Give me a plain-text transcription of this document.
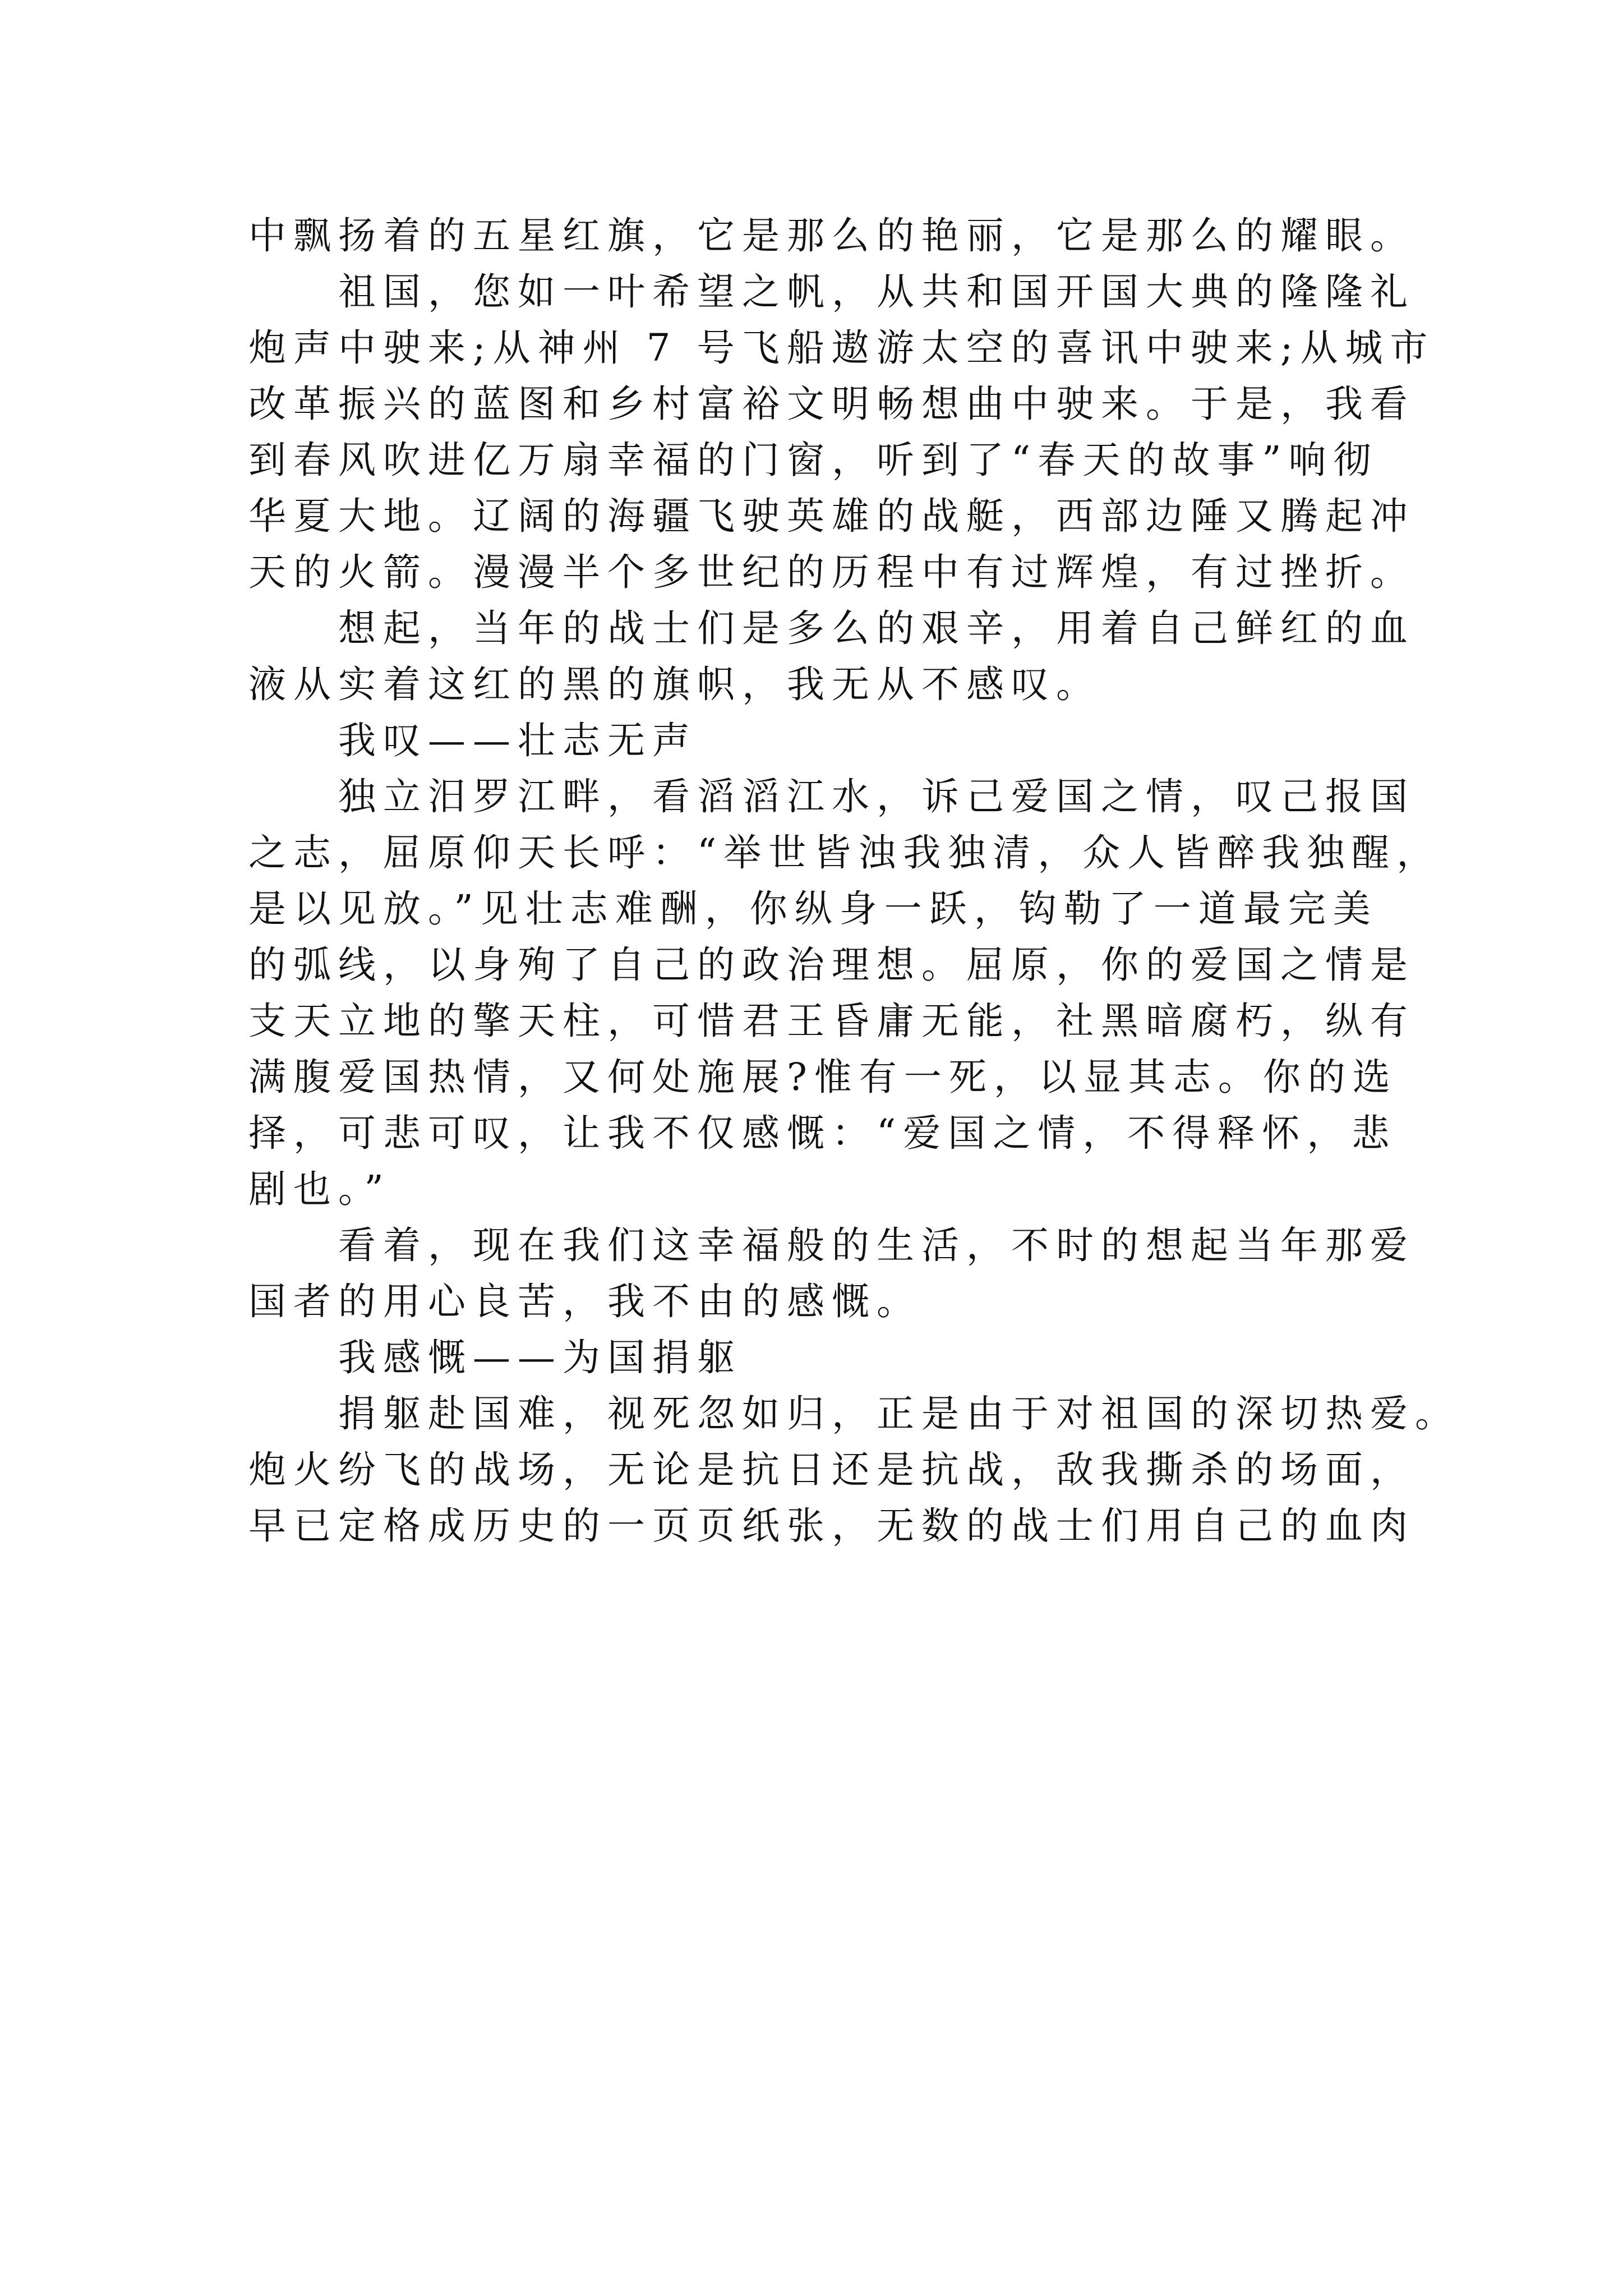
中飘扬着的五星红旗，它是那么的艳丽，它是那么的耀眼。
祖国，您如一叶希望之帆，从共和国开国大典的隆隆礼
炮声中驶来;从神州 7 号飞船遨游太空的喜讯中驶来;从城市
改革振兴的蓝图和乡村富裕文明畅想曲中驶来。于是，我看
到春风吹进亿万扇幸福的门窗，听到了“春天的故事”响彻
华夏大地。辽阔的海疆飞驶英雄的战艇，西部边陲又腾起冲
天的火箭。漫漫半个多世纪的历程中有过辉煌，有过挫折。
想起，当年的战士们是多么的艰辛，用着自己鲜红的血
液从实着这红的黑的旗帜，我无从不感叹。
我叹——壮志无声
独立汨罗江畔，看滔滔江水，诉己爱国之情，叹己报国
之志，屈原仰天长呼：“举世皆浊我独清，众人皆醉我独醒，
是以见放。”见壮志难酬，你纵身一跃，钩勒了一道最完美
的弧线，以身殉了自己的政治理想。屈原，你的爱国之情是
支天立地的擎天柱，可惜君王昏庸无能，社黑暗腐朽，纵有
满腹爱国热情，又何处施展?惟有一死，以显其志。你的选
择，可悲可叹，让我不仅感慨：“爱国之情，不得释怀，悲
剧也。”
看着，现在我们这幸福般的生活，不时的想起当年那爱
国者的用心良苦，我不由的感慨。
我感慨——为国捐躯
捐躯赴国难，视死忽如归，正是由于对祖国的深切热爱。
炮火纷飞的战场，无论是抗日还是抗战，敌我撕杀的场面，
早已定格成历史的一页页纸张，无数的战士们用自己的血肉
